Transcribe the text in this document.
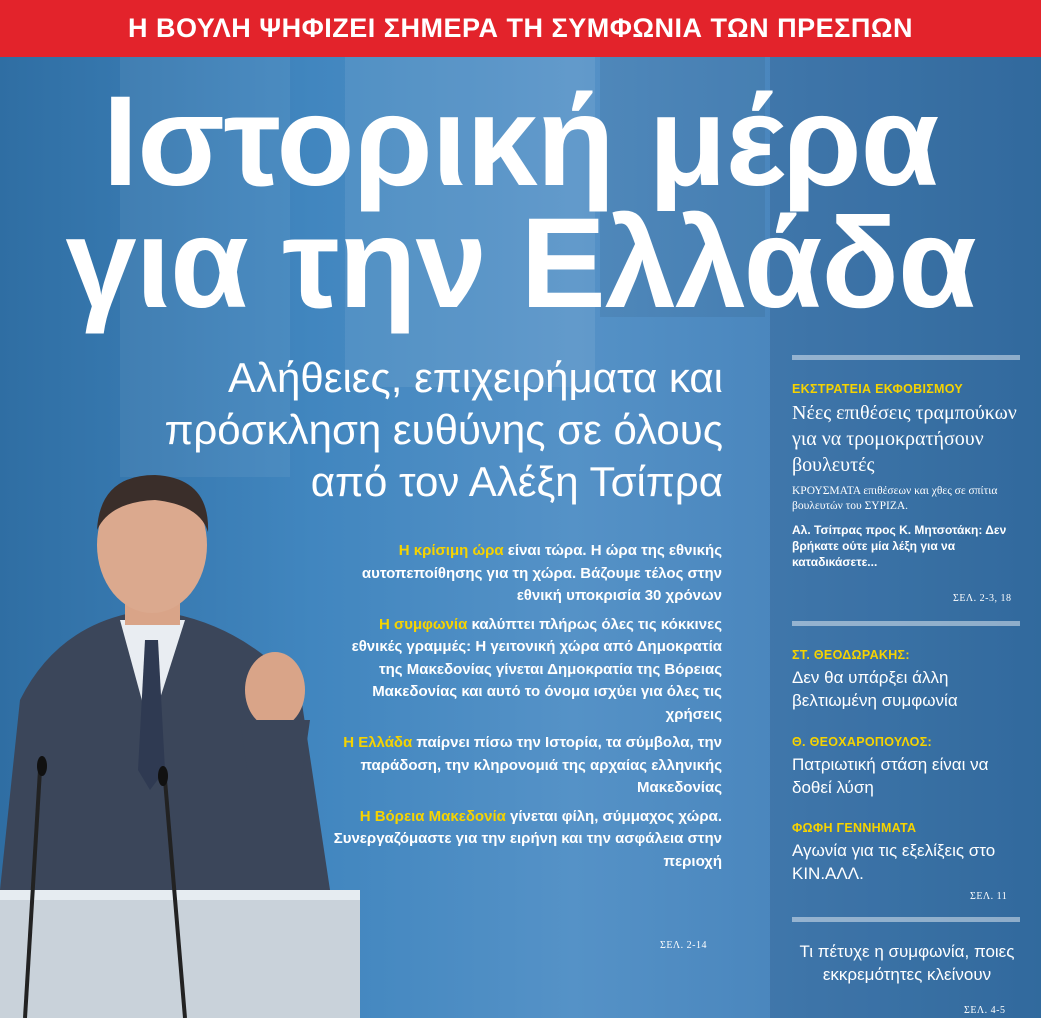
Η ΒΟΥΛΗ ΨΗΦΙΖΕΙ ΣΗΜΕΡΑ ΤΗ ΣΥΜΦΩΝΙΑ ΤΩΝ ΠΡΕΣΠΩΝ
Ιστορική μέρα
για την Ελλάδα
Αλήθειες, επιχειρήματα και
πρόσκληση ευθύνης σε όλους
από τον Αλέξη Τσίπρα
Η κρίσιμη ώρα είναι τώρα. Η ώρα της εθνικής αυτοπεποίθησης για τη χώρα. Βάζουμε τέλος στην εθνική υποκρισία 30 χρόνων
Η συμφωνία καλύπτει πλήρως όλες τις κόκκινες εθνικές γραμμές: Η γειτονική χώρα από Δημοκρατία της Μακεδονίας γίνεται Δημοκρατία της Βόρειας Μακεδονίας και αυτό το όνομα ισχύει για όλες τις χρήσεις
Η Ελλάδα παίρνει πίσω την Ιστορία, τα σύμβολα, την παράδοση, την κληρονομιά της αρχαίας ελληνικής Μακεδονίας
Η Βόρεια Μακεδονία γίνεται φίλη, σύμμαχος χώρα. Συνεργαζόμαστε για την ειρήνη και την ασφάλεια στην περιοχή
ΣΕΛ. 2-14
ΕΚΣΤΡΑΤΕΙΑ ΕΚΦΟΒΙΣΜΟΥ
Νέες επιθέσεις τραμπούκων για να τρομοκρατήσουν βουλευτές
ΚΡΟΥΣΜΑΤΑ επιθέσεων και χθες σε σπίτια βουλευτών του ΣΥΡΙΖΑ.
Αλ. Τσίπρας προς Κ. Μητσοτάκη: Δεν βρήκατε ούτε μία λέξη για να καταδικάσετε...
ΣΕΛ. 2-3, 18
ΣΤ. ΘΕΟΔΩΡΑΚΗΣ:
Δεν θα υπάρξει άλλη βελτιωμένη συμφωνία
Θ. ΘΕΟΧΑΡΟΠΟΥΛΟΣ:
Πατριωτική στάση είναι να δοθεί λύση
ΦΩΦΗ ΓΕΝΝΗΜΑΤΑ
Αγωνία για τις εξελίξεις στο ΚΙΝ.ΑΛΛ.
ΣΕΛ. 11
Τι πέτυχε η συμφωνία, ποιες εκκρεμότητες κλείνουν
ΣΕΛ. 4-5
